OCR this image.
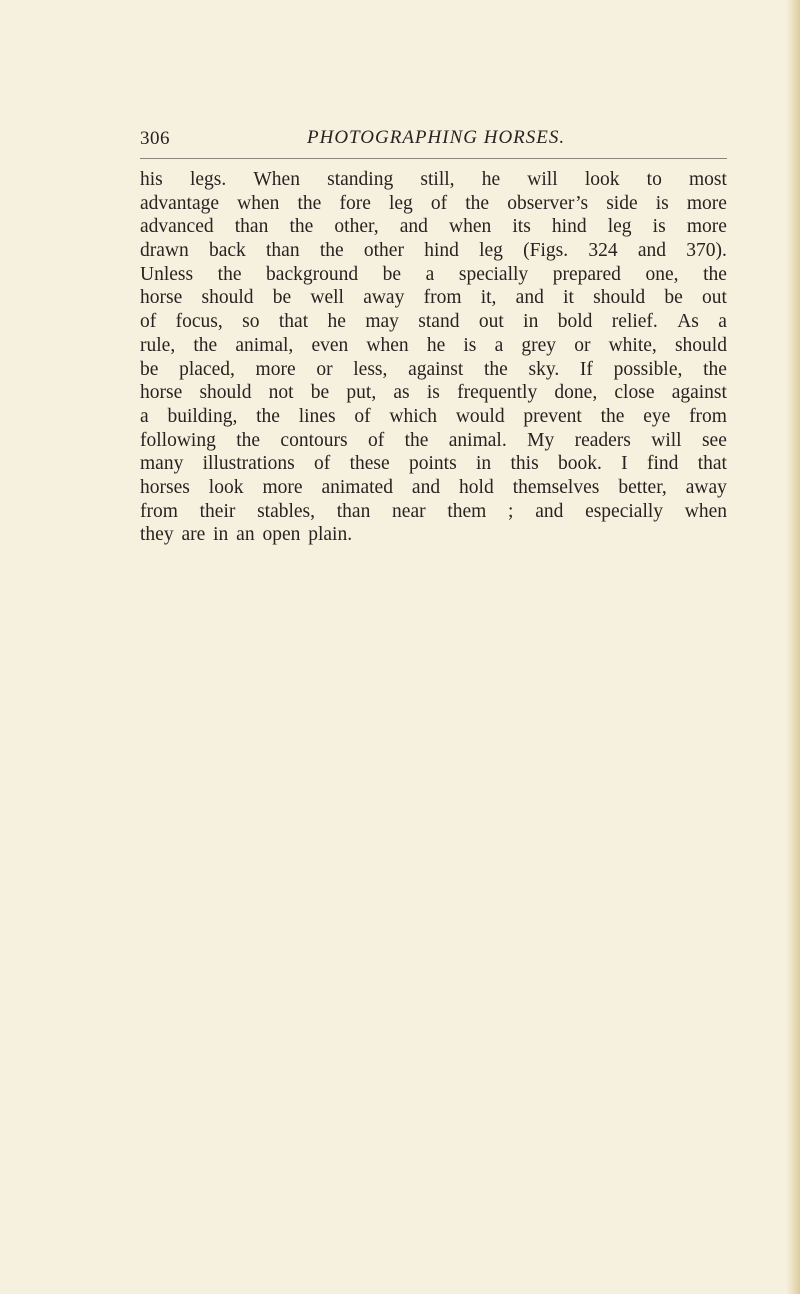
306	PHOTOGRAPHING HORSES.
his legs. When standing still, he will look to most
advantage when the fore leg of the observer’s side is more
advanced than the other, and when its hind leg is more
drawn back than the other hind leg (Figs. 324 and 370).
Unless the background be a specially prepared one, the
horse should be well away from it, and it should be out
of focus, so that he may stand out in bold relief. As a
rule, the animal, even when he is a grey or white, should
be placed, more or less, against the sky. If possible, the
horse should not be put, as is frequently done, close against
a building, the lines of which would prevent the eye from
following the contours of the animal. My readers will see
many illustrations of these points in this book. I find that
horses look more animated and hold themselves better, away
from their stables, than near them ; and especially when
they are in an open plain.
